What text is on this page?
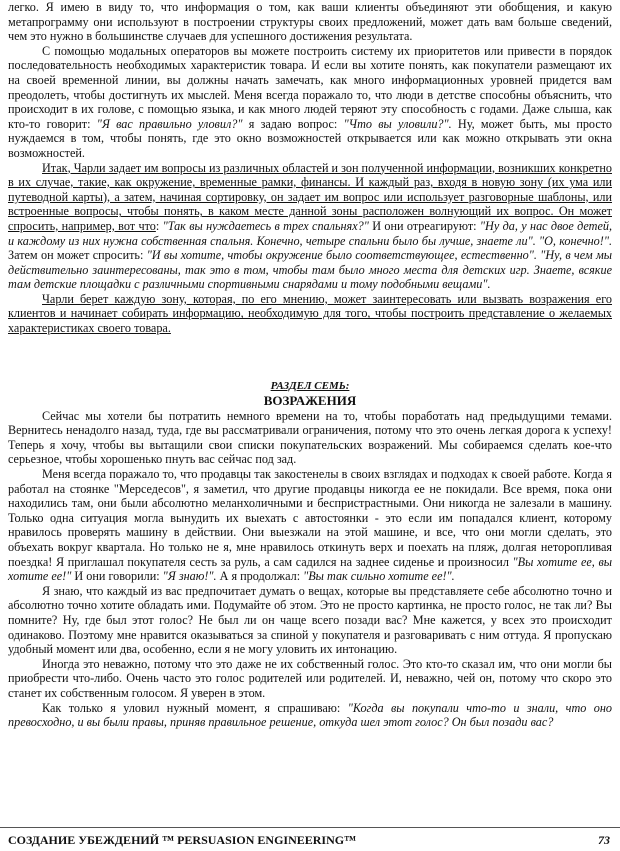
легко. Я имею в виду то, что информация о том, как ваши клиенты объединяют эти обобщения, и какую метапрограмму они используют в построении структуры своих предложений, может дать вам больше сведений, чем это нужно в большинстве случаев для успешного достижения результата.

С помощью модальных операторов вы можете построить систему их приоритетов или привести в порядок последовательность необходимых характеристик товара. И если вы хотите понять, как покупатели размещают их на своей временной линии, вы должны начать замечать, как много информационных уровней придется вам преодолеть, чтобы достигнуть их мыслей. Меня всегда поражало то, что люди в детстве способны объяснить, что происходит в их голове, с помощью языка, и как много людей теряют эту способность с годами. Даже слыша, как кто-то говорит: "Я вас правильно уловил?" я задаю вопрос: "Что вы уловили?". Ну, может быть, мы просто нуждаемся в том, чтобы понять, где это окно возможностей открывается или как можно открывать эти окна возможностей.

Итак, Чарли задает им вопросы из различных областей и зон полученной информации, возникших конкретно в их случае, такие, как окружение, временные рамки, финансы. И каждый раз, входя в новую зону (их ума или путеводной карты), а затем, начиная сортировку, он задает им вопрос или использует разговорные шаблоны, или встроенные вопросы, чтобы понять, в каком месте данной зоны расположен волнующий их вопрос. Он может спросить, например, вот что: "Так вы нуждаетесь в трех спальнях?" И они отреагируют: "Ну да, у нас двое детей, и каждому из них нужна собственная спальня. Конечно, четыре спальни было бы лучше, знаете ли". "О, конечно!". Затем он может спросить: "И вы хотите, чтобы окружение было соответствующее, естественно". "Ну, в чем мы действительно заинтересованы, так это в том, чтобы там было много места для детских игр. Знаете, всякие там детские площадки с различными спортивными снарядами и тому подобными вещами".

Чарли берет каждую зону, которая, по его мнению, может заинтересовать или вызвать возражения его клиентов и начинает собирать информацию, необходимую для того, чтобы построить представление о желаемых характеристиках своего товара.

РАЗДЕЛ СЕМЬ:

ВОЗРАЖЕНИЯ

Сейчас мы хотели бы потратить немного времени на то, чтобы поработать над предыдущими темами. Вернитесь ненадолго назад, туда, где вы рассматривали ограничения, потому что это очень легкая дорога к успеху! Теперь я хочу, чтобы вы вытащили свои списки покупательских возражений. Мы собираемся сделать кое-что серьезное, чтобы хорошенько пнуть вас сейчас под зад.

Меня всегда поражало то, что продавцы так закостенелы в своих взглядах и подходах к своей работе. Когда я работал на стоянке "Мерседесов", я заметил, что другие продавцы никогда ее не покидали. Все время, пока они находились там, они были абсолютно меланхоличными и беспристрастными. Они никогда не залезали в машину. Только одна ситуация могла вынудить их выехать с автостоянки - это если им попадался клиент, которому нравилось проверять машину в действии. Они выезжали на этой машине, и все, что они могли сделать, это объехать вокруг квартала. Но только не я, мне нравилось откинуть верх и поехать на пляж, долгая неторопливая поездка! Я приглашал покупателя сесть за руль, а сам садился на заднее сиденье и произносил "Вы хотите ее, вы хотите ее!" И они говорили: "Я знаю!". А я продолжал: "Вы так сильно хотите ее!".

Я знаю, что каждый из вас предпочитает думать о вещах, которые вы представляете себе абсолютно точно и абсолютно точно хотите обладать ими. Подумайте об этом. Это не просто картинка, не просто голос, не так ли? Вы помните? Ну, где был этот голос? Не был ли он чаще всего позади вас? Мне кажется, у всех это происходит одинаково. Поэтому мне нравится оказываться за спиной у покупателя и разговаривать с ним оттуда. Я пропускаю удобный момент или два, особенно, если я не могу уловить их интонацию.

Иногда это неважно, потому что это даже не их собственный голос. Это кто-то сказал им, что они могли бы приобрести что-либо. Очень часто это голос родителей или родителей. И, неважно, чей он, потому что скоро это станет их собственным голосом. Я уверен в этом.

Как только я уловил нужный момент, я спрашиваю: "Когда вы покупали что-то и знали, что оно превосходно, и вы были правы, приняв правильное решение, откуда шел этот голос? Он был позади вас?

СОЗДАНИЕ УБЕЖДЕНИЙ ™ PERSUASION ENGINEERING™	73
